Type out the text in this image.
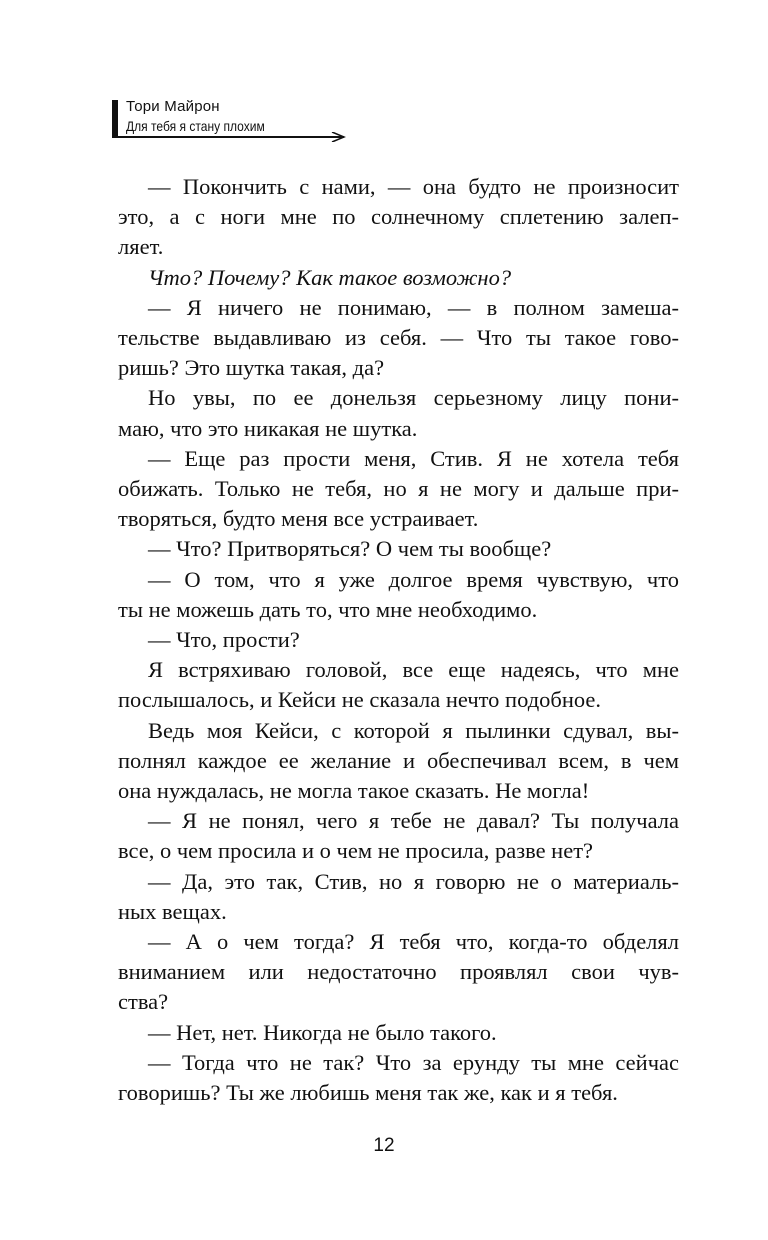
Тори Майрон
Для тебя я стану плохим
— Покончить с нами, — она будто не произносит
это, а с ноги мне по солнечному сплетению залеп-
ляет.
Что? Почему? Как такое возможно?
— Я ничего не понимаю, — в полном замеша-
тельстве выдавливаю из себя. — Что ты такое гово-
ришь? Это шутка такая, да?
Но увы, по ее донельзя серьезному лицу пони-
маю, что это никакая не шутка.
— Еще раз прости меня, Стив. Я не хотела тебя
обижать. Только не тебя, но я не могу и дальше при-
творяться, будто меня все устраивает.
— Что? Притворяться? О чем ты вообще?
— О том, что я уже долгое время чувствую, что
ты не можешь дать то, что мне необходимо.
— Что, прости?
Я встряхиваю головой, все еще надеясь, что мне
послышалось, и Кейси не сказала нечто подобное.
Ведь моя Кейси, с которой я пылинки сдувал, вы-
полнял каждое ее желание и обеспечивал всем, в чем
она нуждалась, не могла такое сказать. Не могла!
— Я не понял, чего я тебе не давал? Ты получала
все, о чем просила и о чем не просила, разве нет?
— Да, это так, Стив, но я говорю не о материаль-
ных вещах.
— А о чем тогда? Я тебя что, когда-то обделял
вниманием или недостаточно проявлял свои чув-
ства?
— Нет, нет. Никогда не было такого.
— Тогда что не так? Что за ерунду ты мне сейчас
говоришь? Ты же любишь меня так же, как и я тебя.
12
